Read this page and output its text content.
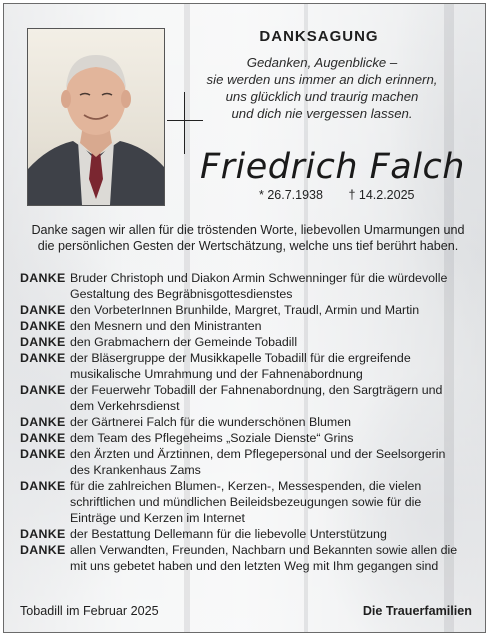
DANKSAGUNG
Gedanken, Augenblicke –
sie werden uns immer an dich erinnern,
uns glücklich und traurig machen
und dich nie vergessen lassen.
Friedrich Falch
* 26.7.1938 † 14.2.2025
Danke sagen wir allen für die tröstenden Worte, liebevollen Umarmungen und
die persönlichen Gesten der Wertschätzung, welche uns tief berührt haben.
DANKE Bruder Christoph und Diakon Armin Schwenninger für die würdevolle
Gestaltung des Begräbnisgottesdienstes
DANKE den VorbeterInnen Brunhilde, Margret, Traudl, Armin und Martin
DANKE den Mesnern und den Ministranten
DANKE den Grabmachern der Gemeinde Tobadill
DANKE der Bläsergruppe der Musikkapelle Tobadill für die ergreifende
musikalische Umrahmung und der Fahnenabordnung
DANKE der Feuerwehr Tobadill der Fahnenabordnung, den Sargträgern und
dem Verkehrsdienst
DANKE der Gärtnerei Falch für die wunderschönen Blumen
DANKE dem Team des Pflegeheims „Soziale Dienste“ Grins
DANKE den Ärzten und Ärztinnen, dem Pflegepersonal und der Seelsorgerin
des Krankenhaus Zams
DANKE für die zahlreichen Blumen-, Kerzen-, Messespenden, die vielen
schriftlichen und mündlichen Beileidsbezeugungen sowie für die
Einträge und Kerzen im Internet
DANKE der Bestattung Dellemann für die liebevolle Unterstützung
DANKE allen Verwandten, Freunden, Nachbarn und Bekannten sowie allen die
mit uns gebetet haben und den letzten Weg mit Ihm gegangen sind
Tobadill im Februar 2025	Die Trauerfamilien
